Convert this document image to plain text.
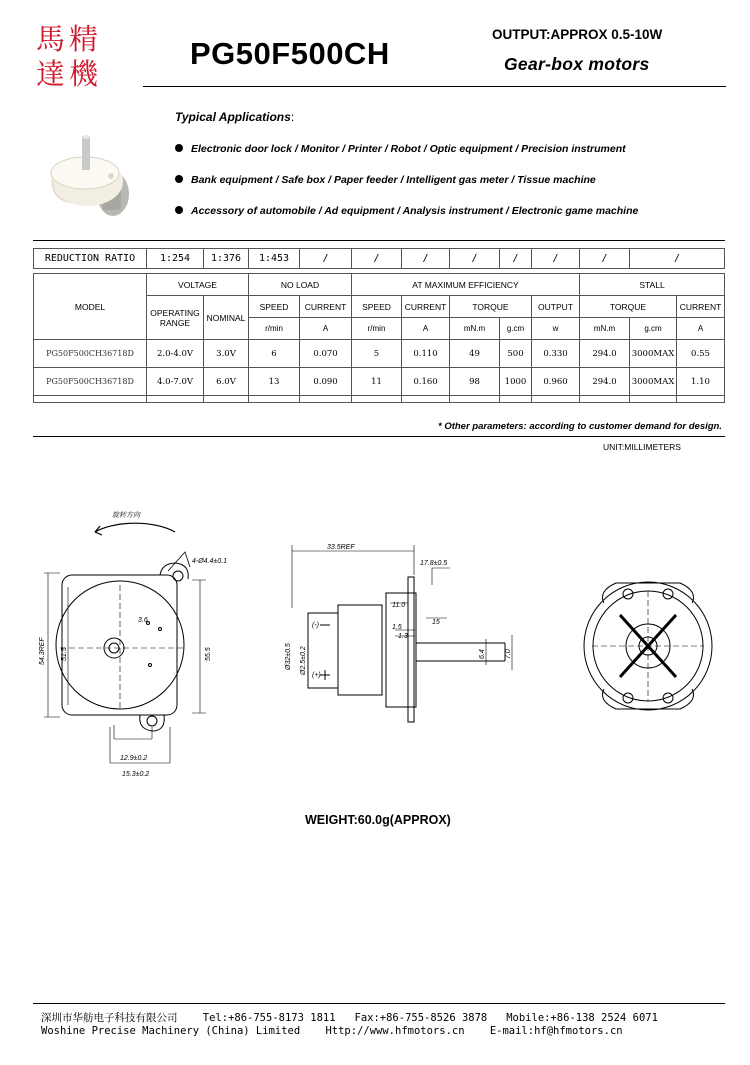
馬 精
達 機
PG50F500CH
OUTPUT:APPROX 0.5-10W
Gear-box motors
Typical Applications:
Electronic door lock / Monitor / Printer / Robot / Optic equipment / Precision instrument
Bank equipment / Safe box / Paper feeder / Intelligent gas meter / Tissue machine
Accessory of automobile / Ad equipment / Analysis instrument / Electronic game machine
REDUCTION RATIO	1:254	1:376	1:453	/	/	/	/	/	/	/	/
MODEL	VOLTAGE		NO LOAD		AT MAXIMUM EFFICIENCY					STALL		
	OPERATING
RANGE	NOMINAL	SPEED	CURRENT	SPEED	CURRENT	TORQUE		OUTPUT	TORQUE		CURRENT
			r/min	A	r/min	A	mN.m	g.cm	w	mN.m	g.cm	A
PG50F500CH36718D	2.0-4.0V	3.0V	6	0.070	5	0.110	49	500	0.330	294.0	3000MAX	0.55
PG50F500CH36718D	4.0-7.0V	6.0V	13	0.090	11	0.160	98	1000	0.960	294.0	3000MAX	1.10

* Other parameters: according to customer demand for design.
UNIT:MILLIMETERS
旋转方向
4-Ø4.4±0.1
3.6
54.3REF 51.5	55.5
12.9±0.2
15.3±0.2
33.5REF
17.8±0.5
11.0
15
1.5
1.3
6.4	7.0
Ø32±0.5 Ø2.5±0.2
(-)
(+)
WEIGHT:60.0g(APPROX)
深圳市华舫电子科技有限公司    Tel:+86-755-8173 1811   Fax:+86-755-8526 3878   Mobile:+86-138 2524 6071
Woshine Precise Machinery (China) Limited    Http://www.hfmotors.cn    E-mail:hf@hfmotors.cn
